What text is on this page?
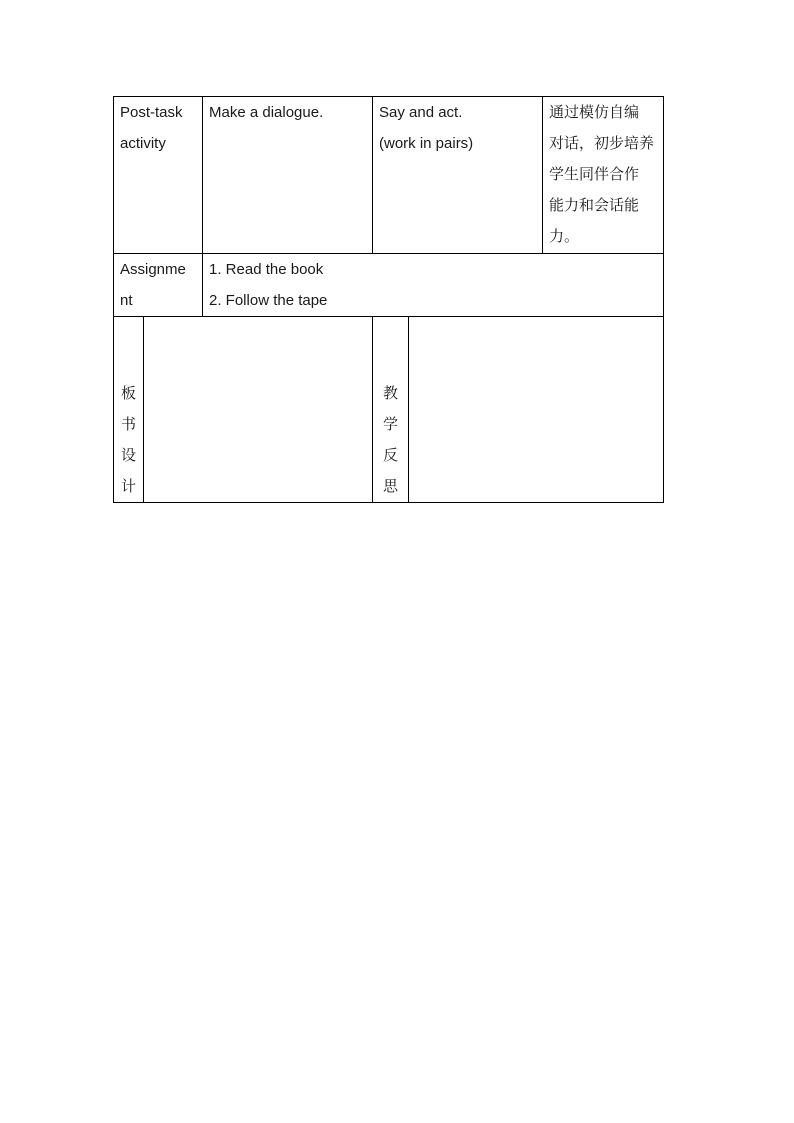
Post-task
activity
Make a dialogue.	Say and act.
(work in pairs)
通过模仿自编
对话，初步培养
学生同伴合作
能力和会话能
力。
Assignme
nt
1. Read the book
2. Follow the tape
板
书
设
计
教
学
反
思
